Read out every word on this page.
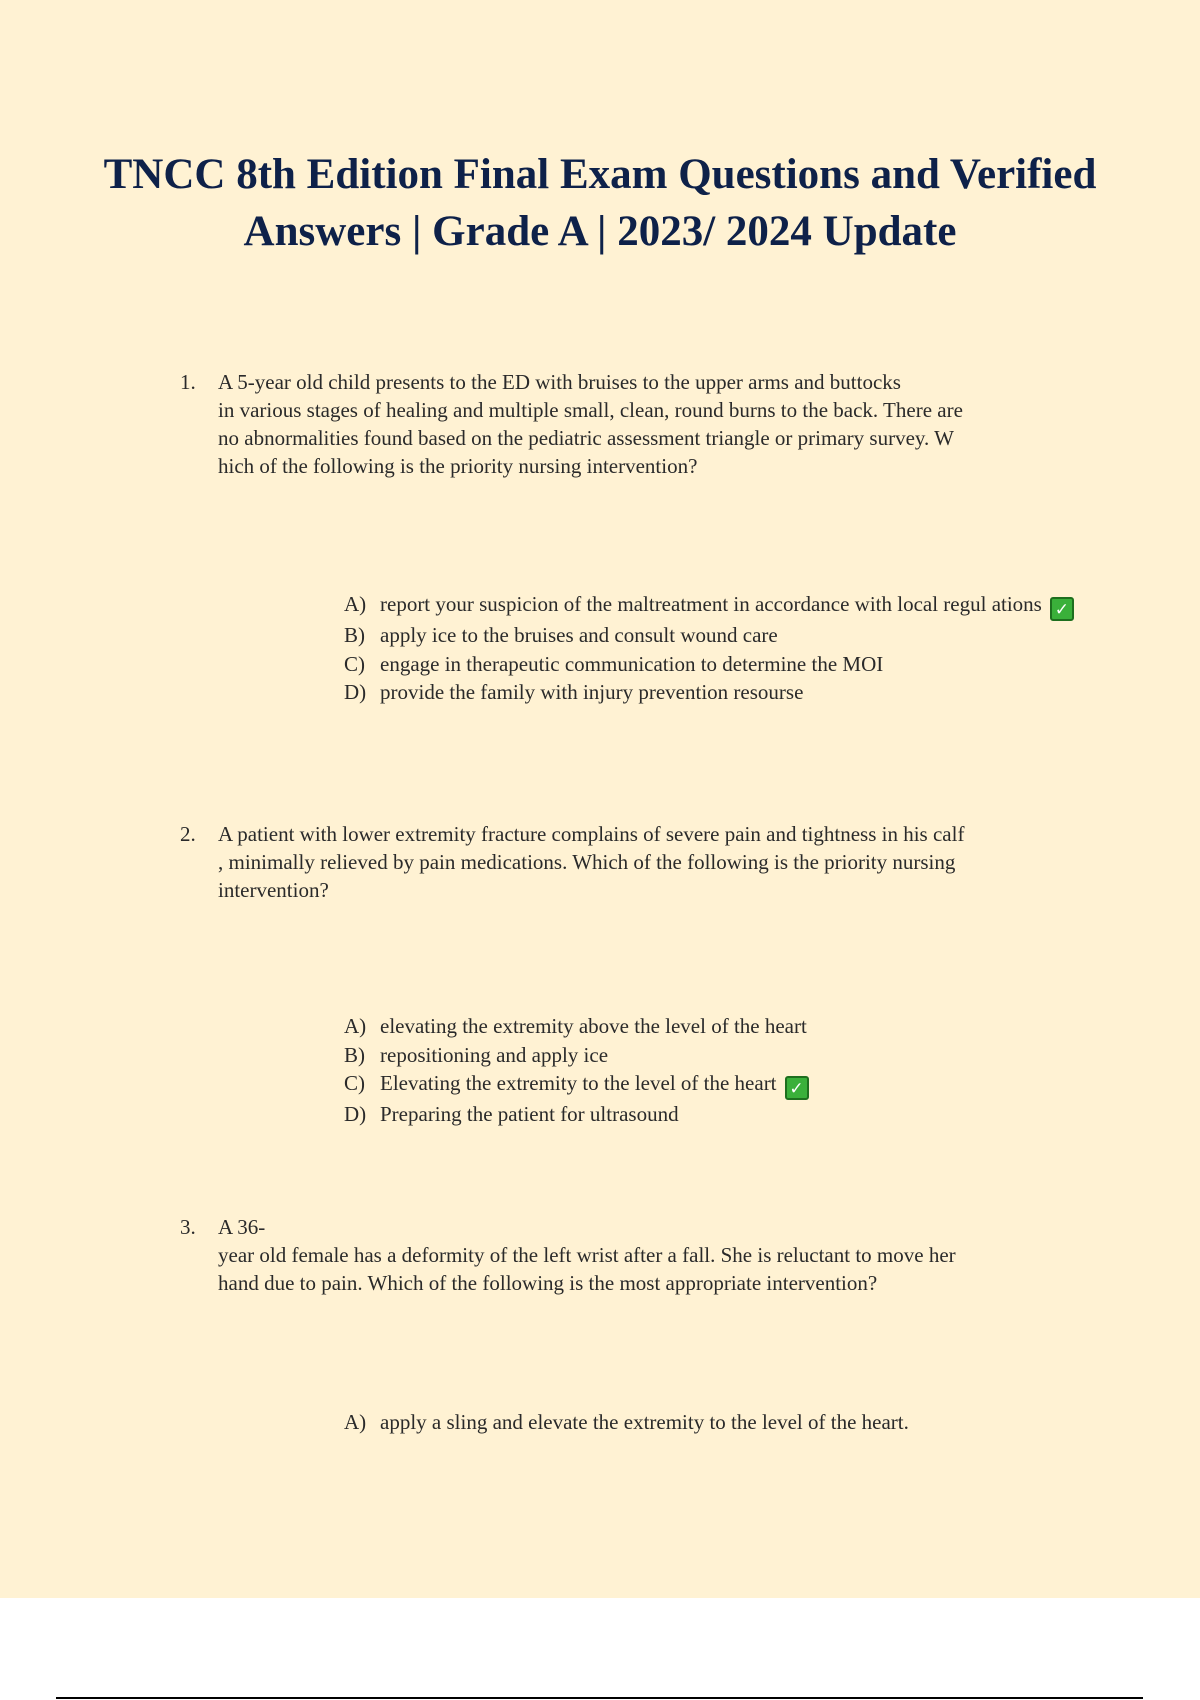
TNCC 8th Edition Final Exam Questions and Verified Answers | Grade A | 2023/ 2024 Update
1.	A 5-year old child presents to the ED with bruises to the upper arms and buttocks
in various stages of healing and multiple small, clean, round burns to the back. There are
no abnormalities found based on the pediatric assessment triangle or primary survey. W
hich of the following is the priority nursing intervention?
A) report your suspicion of the maltreatment in accordance with local regul ations ✓
B) apply ice to the bruises and consult wound care
C) engage in therapeutic communication to determine the MOI
D) provide the family with injury prevention resourse
2.	A patient with lower extremity fracture complains of severe pain and tightness in his calf
, minimally relieved by pain medications. Which of the following is the priority nursing
intervention?
A) elevating the extremity above the level of the heart
B) repositioning and apply ice
C) Elevating the extremity to the level of the heart ✓
D) Preparing the patient for ultrasound
3.	A 36-
year old female has a deformity of the left wrist after a fall. She is reluctant to move her
hand due to pain. Which of the following is the most appropriate intervention?
A) apply a sling and elevate the extremity to the level of the heart.
